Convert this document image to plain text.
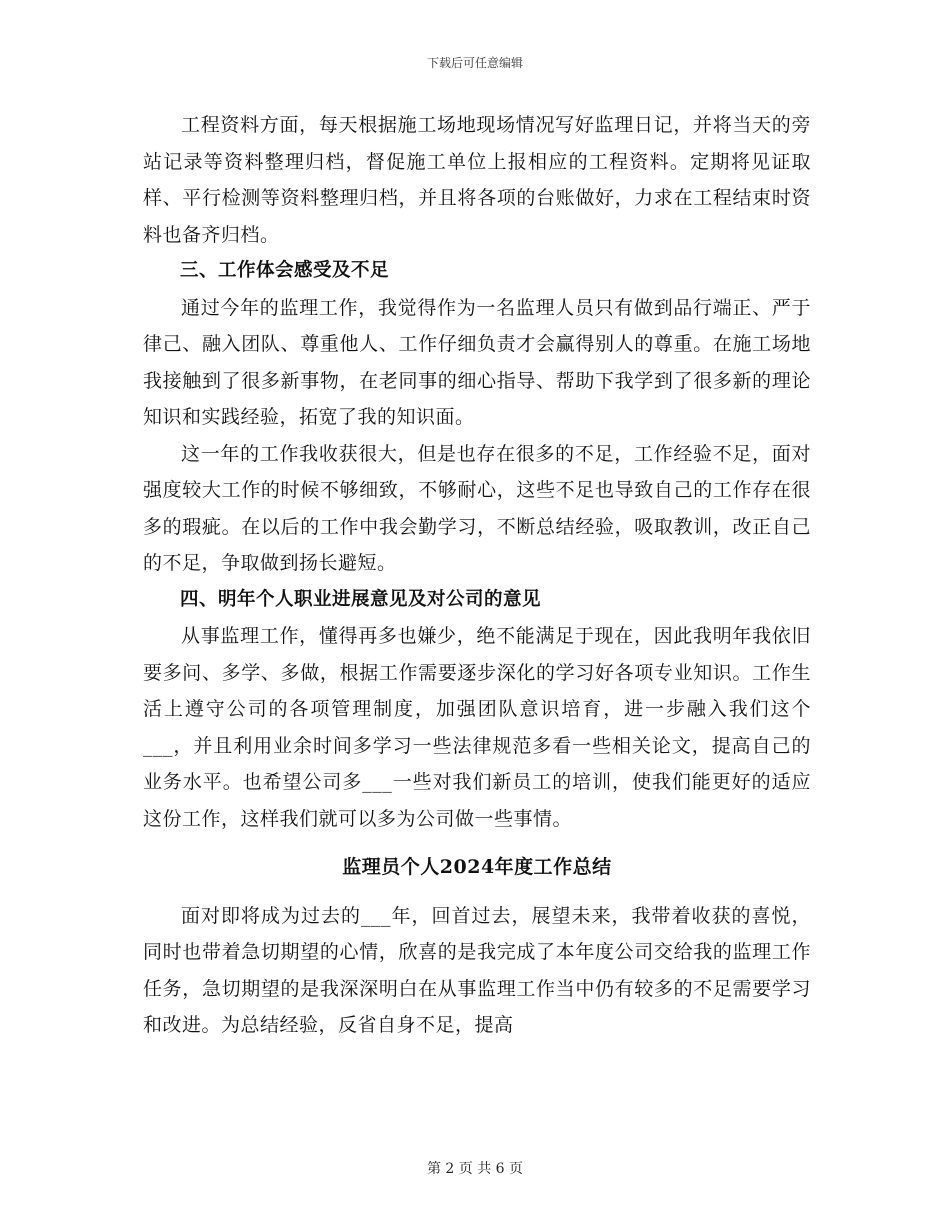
下载后可任意编辑

工程资料方面，每天根据施工场地现场情况写好监理日记，并将当天的旁站记录等资料整理归档，督促施工单位上报相应的工程资料。定期将见证取样、平行检测等资料整理归档，并且将各项的台账做好，力求在工程结束时资料也备齐归档。

三、工作体会感受及不足

通过今年的监理工作，我觉得作为一名监理人员只有做到品行端正、严于律己、融入团队、尊重他人、工作仔细负责才会赢得别人的尊重。在施工场地我接触到了很多新事物，在老同事的细心指导、帮助下我学到了很多新的理论知识和实践经验，拓宽了我的知识面。

这一年的工作我收获很大，但是也存在很多的不足，工作经验不足，面对强度较大工作的时候不够细致，不够耐心，这些不足也导致自己的工作存在很多的瑕疵。在以后的工作中我会勤学习，不断总结经验，吸取教训，改正自己的不足，争取做到扬长避短。

四、明年个人职业进展意见及对公司的意见

从事监理工作，懂得再多也嫌少，绝不能满足于现在，因此我明年我依旧要多问、多学、多做，根据工作需要逐步深化的学习好各项专业知识。工作生活上遵守公司的各项管理制度，加强团队意识培育，进一步融入我们这个___，并且利用业余时间多学习一些法律规范多看一些相关论文，提高自己的业务水平。也希望公司多___一些对我们新员工的培训，使我们能更好的适应这份工作，这样我们就可以多为公司做一些事情。

监理员个人2024年度工作总结

面对即将成为过去的___年，回首过去，展望未来，我带着收获的喜悦，同时也带着急切期望的心情，欣喜的是我完成了本年度公司交给我的监理工作任务，急切期望的是我深深明白在从事监理工作当中仍有较多的不足需要学习和改进。为总结经验，反省自身不足，提高

第 2 页 共 6 页
